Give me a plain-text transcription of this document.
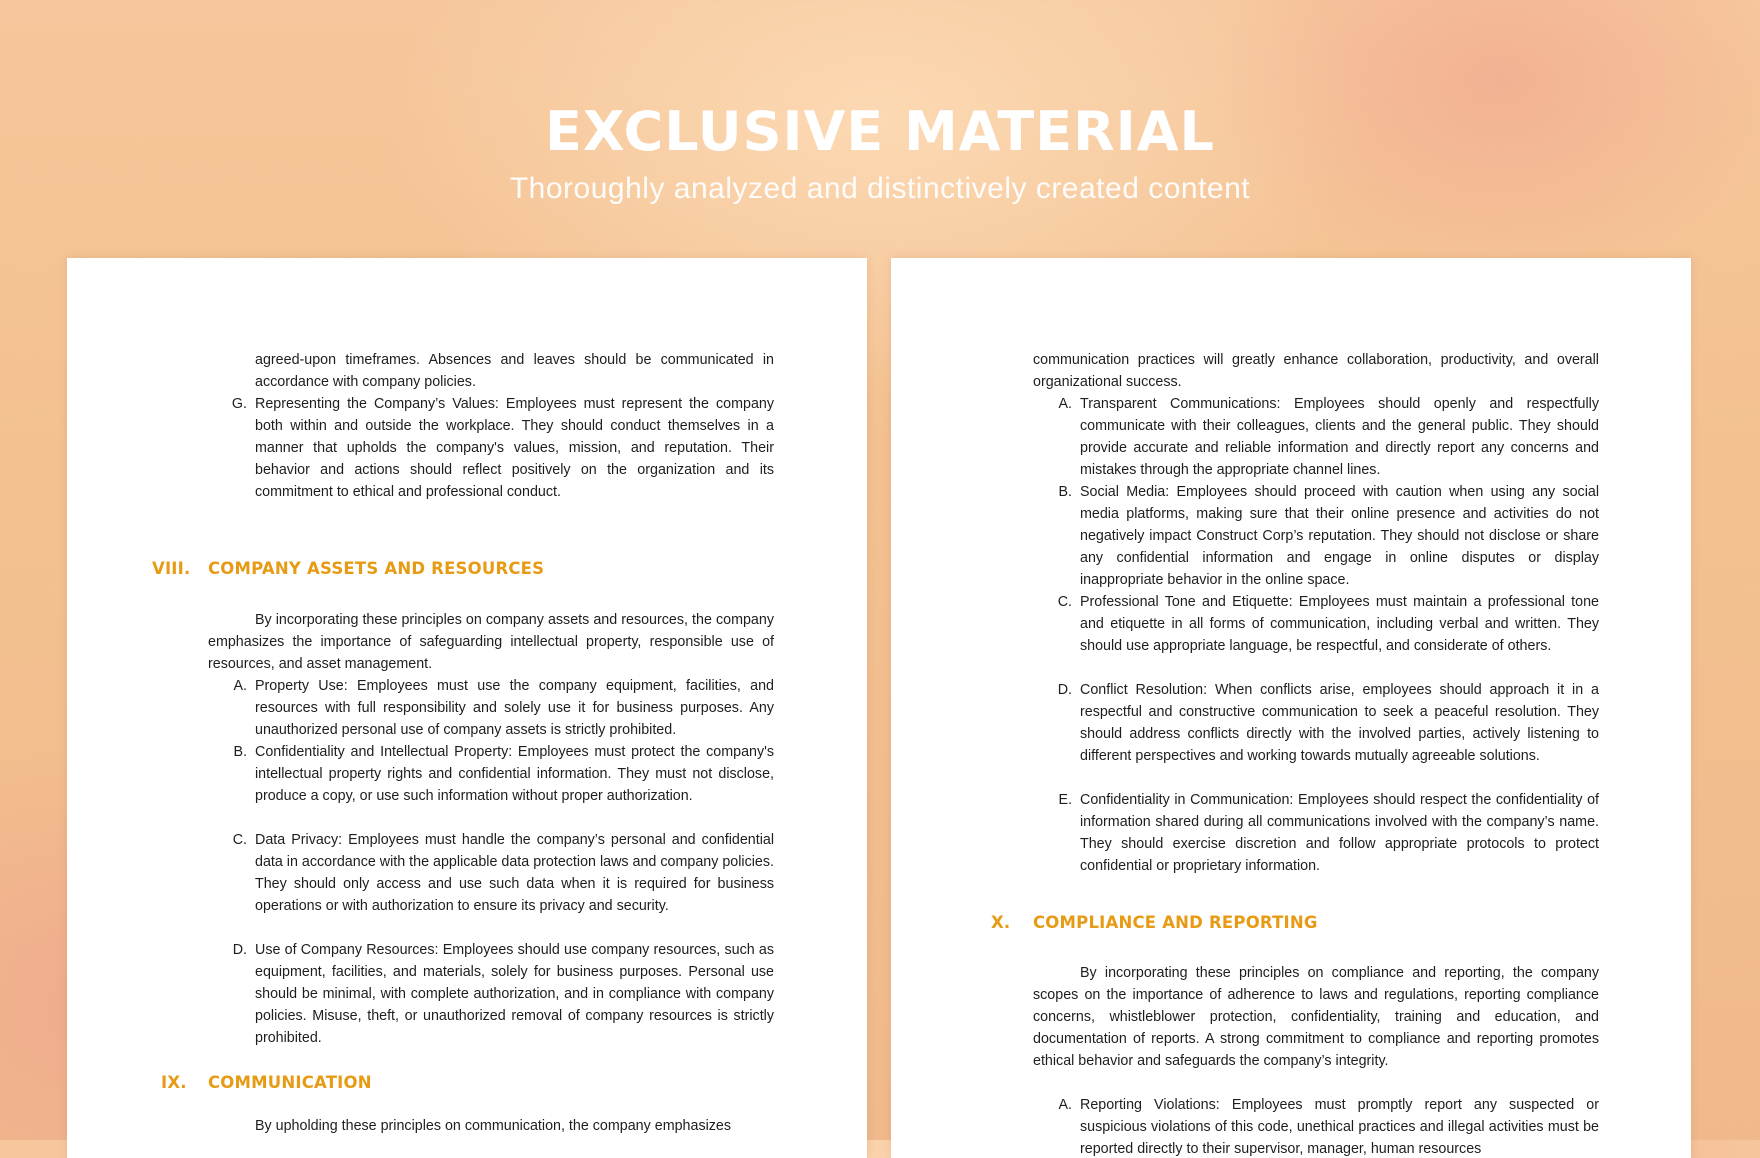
EXCLUSIVE MATERIAL

Thoroughly analyzed and distinctively created content

agreed-upon timeframes. Absences and leaves should be communicated in accordance with company policies.

G. Representing the Company’s Values: Employees must represent the company both within and outside the workplace. They should conduct themselves in a manner that upholds the company's values, mission, and reputation. Their behavior and actions should reflect positively on the organization and its commitment to ethical and professional conduct.
VIII.	COMPANY ASSETS AND RESOURCES

By incorporating these principles on company assets and resources, the company emphasizes the importance of safeguarding intellectual property, responsible use of resources, and asset management.

A. Property Use: Employees must use the company equipment, facilities, and resources with full responsibility and solely use it for business purposes. Any unauthorized personal use of company assets is strictly prohibited.
B. Confidentiality and Intellectual Property: Employees must protect the company's intellectual property rights and confidential information. They must not disclose, produce a copy, or use such information without proper authorization.
C. Data Privacy: Employees must handle the company’s personal and confidential data in accordance with the applicable data protection laws and company policies. They should only access and use such data when it is required for business operations or with authorization to ensure its privacy and security.
D. Use of Company Resources: Employees should use company resources, such as equipment, facilities, and materials, solely for business purposes. Personal use should be minimal, with complete authorization, and in compliance with company policies. Misuse, theft, or unauthorized removal of company resources is strictly prohibited.
IX.	COMMUNICATION

By upholding these principles on communication, the company emphasizes

communication practices will greatly enhance collaboration, productivity, and overall organizational success.

A. Transparent Communications: Employees should openly and respectfully communicate with their colleagues, clients and the general public. They should provide accurate and reliable information and directly report any concerns and mistakes through the appropriate channel lines.
B. Social Media: Employees should proceed with caution when using any social media platforms, making sure that their online presence and activities do not negatively impact Construct Corp’s reputation. They should not disclose or share any confidential information and engage in online disputes or display inappropriate behavior in the online space.
C. Professional Tone and Etiquette: Employees must maintain a professional tone and etiquette in all forms of communication, including verbal and written. They should use appropriate language, be respectful, and considerate of others.
D. Conflict Resolution: When conflicts arise, employees should approach it in a respectful and constructive communication to seek a peaceful resolution. They should address conflicts directly with the involved parties, actively listening to different perspectives and working towards mutually agreeable solutions.
E. Confidentiality in Communication: Employees should respect the confidentiality of information shared during all communications involved with the company’s name. They should exercise discretion and follow appropriate protocols to protect confidential or proprietary information.
X.	COMPLIANCE AND REPORTING

By incorporating these principles on compliance and reporting, the company scopes on the importance of adherence to laws and regulations, reporting compliance concerns, whistleblower protection, confidentiality, training and education, and documentation of reports. A strong commitment to compliance and reporting promotes ethical behavior and safeguards the company’s integrity.

A. Reporting Violations: Employees must promptly report any suspected or suspicious violations of this code, unethical practices and illegal activities must be reported directly to their supervisor, manager, human resources
